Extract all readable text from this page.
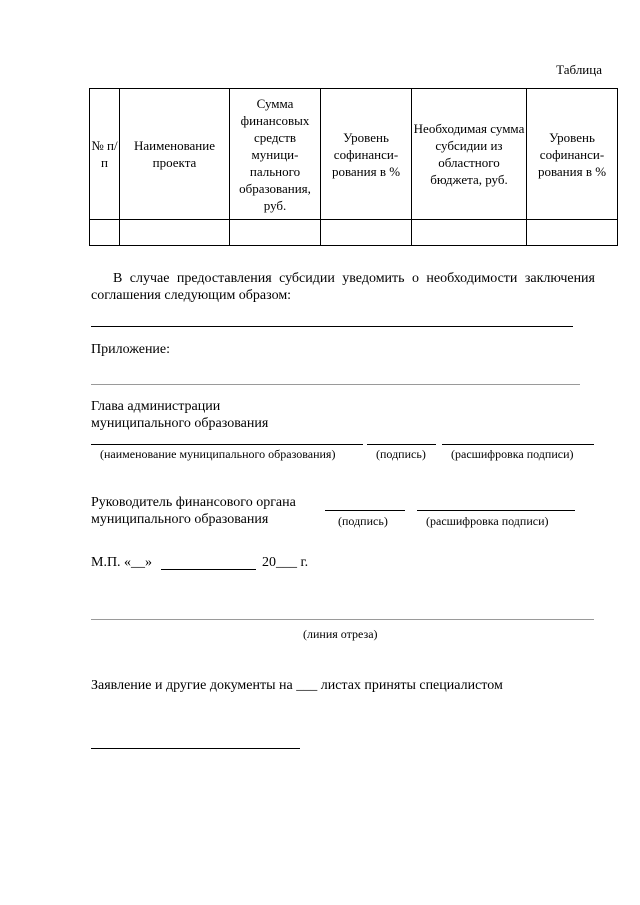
Таблица
№ п/п	Наименование проекта	Сумма финансовых средств муници-пального образования, руб.	Уровень софинанси-рования в %	Необходимая сумма субсидии из областного бюджета, руб.	Уровень софинанси-рования в %

В случае предоставления субсидии уведомить о необходимости заключения соглашения следующим образом:

Приложение:
Глава администрации
муниципального образования
(наименование муниципального образования)	(подпись) (расшифровка подписи)
Руководитель финансового органа
муниципального образования	(подпись)	(расшифровка подписи)
М.П. «__»	20___ г.
(линия отреза)
Заявление и другие документы на ___ листах приняты специалистом
